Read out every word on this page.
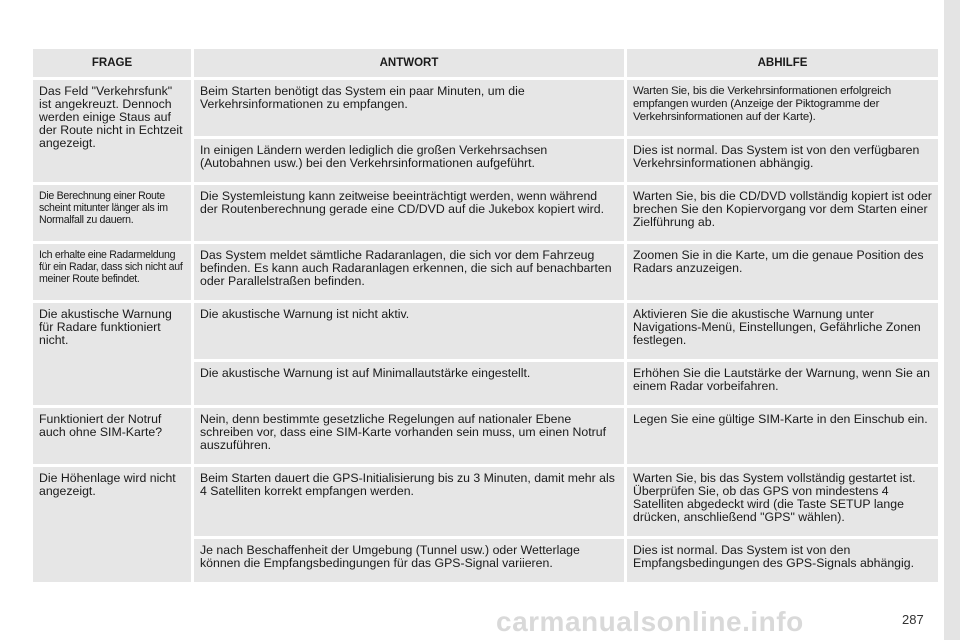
FRAGE	ANTWORT	ABHILFE
Das Feld "Verkehrsfunk" ist angekreuzt. Dennoch werden einige Staus auf der Route nicht in Echtzeit angezeigt.	Beim Starten benötigt das System ein paar Minuten, um die Verkehrsinformationen zu empfangen.	Warten Sie, bis die Verkehrsinformationen erfolgreich empfangen wurden (Anzeige der Piktogramme der Verkehrsinformationen auf der Karte).
	In einigen Ländern werden lediglich die großen Verkehrsachsen (Autobahnen usw.) bei den Verkehrsinformationen aufgeführt.	Dies ist normal. Das System ist von den verfügbaren Verkehrsinformationen abhängig.
Die Berechnung einer Route scheint mitunter länger als im Normalfall zu dauern.	Die Systemleistung kann zeitweise beeinträchtigt werden, wenn während der Routenberechnung gerade eine CD/DVD auf die Jukebox kopiert wird.	Warten Sie, bis die CD/DVD vollständig kopiert ist oder brechen Sie den Kopiervorgang vor dem Starten einer Zielführung ab.
Ich erhalte eine Radarmeldung für ein Radar, dass sich nicht auf meiner Route befindet.	Das System meldet sämtliche Radaranlagen, die sich vor dem Fahrzeug befinden. Es kann auch Radaranlagen erkennen, die sich auf benachbarten oder Parallelstraßen befinden.	Zoomen Sie in die Karte, um die genaue Position des Radars anzuzeigen.
Die akustische Warnung für Radare funktioniert nicht.	Die akustische Warnung ist nicht aktiv.	Aktivieren Sie die akustische Warnung unter Navigations-Menü, Einstellungen, Gefährliche Zonen festlegen.
	Die akustische Warnung ist auf Minimallautstärke eingestellt.	Erhöhen Sie die Lautstärke der Warnung, wenn Sie an einem Radar vorbeifahren.
Funktioniert der Notruf auch ohne SIM-Karte?	Nein, denn bestimmte gesetzliche Regelungen auf nationaler Ebene schreiben vor, dass eine SIM-Karte vorhanden sein muss, um einen Notruf auszuführen.	Legen Sie eine gültige SIM-Karte in den Einschub ein.
Die Höhenlage wird nicht angezeigt.	Beim Starten dauert die GPS-Initialisierung bis zu 3 Minuten, damit mehr als 4 Satelliten korrekt empfangen werden.	Warten Sie, bis das System vollständig gestartet ist. Überprüfen Sie, ob das GPS von mindestens 4 Satelliten abgedeckt wird (die Taste SETUP lange drücken, anschließend "GPS" wählen).
	Je nach Beschaffenheit der Umgebung (Tunnel usw.) oder Wetterlage können die Empfangsbedingungen für das GPS-Signal variieren.	Dies ist normal. Das System ist von den Empfangsbedingungen des GPS-Signals abhängig.
carmanualsonline.info	287
